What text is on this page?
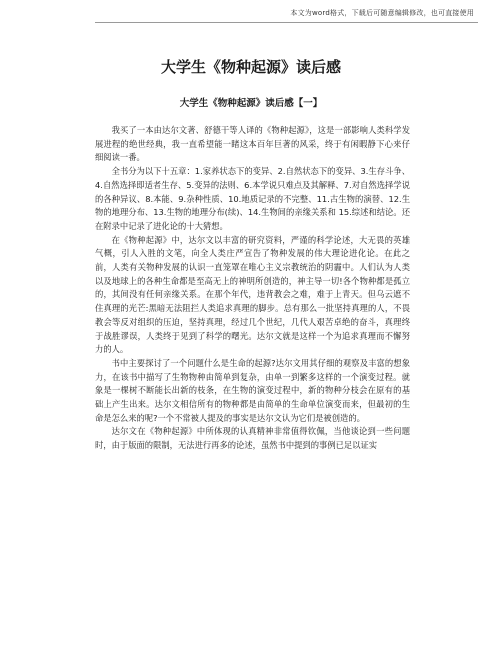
本文为word格式，下载后可随意编辑修改，也可直接使用
大学生《物种起源》读后感
大学生《物种起源》读后感【一】

我买了一本由达尔文著、舒德干等人译的《物种起源》，这是一部影响人类科学发展进程的绝世经典，我一直希望能一睹这本百年巨著的风采，终于有闲暇静下心来仔细阅读一番。

全书分为以下十五章：1.家养状态下的变异、2.自然状态下的变异、3.生存斗争、4.自然选择即适者生存、5.变异的法则、6.本学说只难点及其解释、7.对自然选择学说的各种异议、8.本能、9.杂种性质、10.地质记录的不完整、11.古生物的演替、12.生物的地理分布、13.生物的地理分布(续)、14.生物间的亲缘关系和 15.综述和结论。还在附录中记录了进化论的十大猜想。

在《物种起源》中，达尔文以丰富的研究资料，严谨的科学论述，大无畏的英雄气概，引人入胜的文笔，向全人类庄严宣告了物种发展的伟大理论进化论。在此之前，人类有关物种发展的认识一直笼罩在唯心主义宗教统治的阴霾中。人们认为人类以及地球上的各种生命都是至高无上的神明所创造的，神主导一切!各个物种都是孤立的，其间没有任何亲缘关系。在那个年代，违背教会之难，难于上青天。但乌云遮不住真理的光芒:黑暗无法阻拦人类追求真理的脚步。总有那么一批坚持真理的人，不畏教会等反对组织的压迫，坚持真理，经过几个世纪，几代人艰苦卓绝的奋斗，真理终于战胜谬误，人类终于见到了科学的曙光。达尔文就是这样一个为追求真理而不懈努力的人。

书中主要探讨了一个问题什么是生命的起源?达尔文用其仔细的观察及丰富的想象力，在该书中描写了生物物种由简单到复杂，由单一到繁多这样的一个演变过程。就象是一棵树不断能长出新的枝条，在生物的演变过程中，新的物种分枝会在原有的基础上产生出来。达尔文相信所有的物种都是由简单的生命单位演变而来，但最初的生命是怎么来的呢?一个不常被人提及的事实是达尔文认为它们是被创造的。

达尔文在《物种起源》中所体现的认真精神非常值得钦佩，当他谈论到一些问题时，由于版面的限制，无法进行再多的论述，虽然书中提到的事例已足以证实
